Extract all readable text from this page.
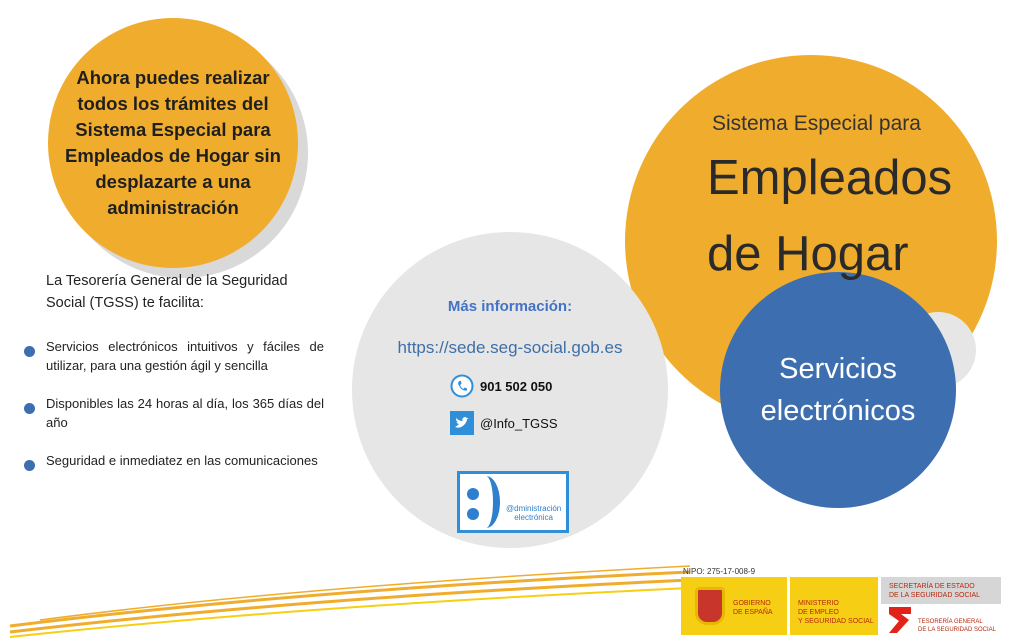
Ahora puedes realizar todos los trámites del Sistema Especial para Empleados de Hogar sin desplazarte a una administración

Servicios
electrónicos
Sistema Especial para
Empleados
de Hogar
La Tesorería General de la Seguridad Social (TGSS) te facilita:
Servicios electrónicos intuitivos y fáciles de utilizar, para una gestión ágil y sencilla
Disponibles las 24 horas al día, los 365 días del año
Seguridad e inmediatez en las comunicaciones
Más información:
https://sede.seg-social.gob.es
901 502 050
@Info_TGSS
@dministración
electrónica
NIPO: 275-17-008-9
GOBIERNO
DE ESPAÑA
MINISTERIO
DE EMPLEO
Y SEGURIDAD SOCIAL
SECRETARÍA DE ESTADO
DE LA SEGURIDAD SOCIAL
TESORERÍA GENERAL
DE LA SEGURIDAD SOCIAL
